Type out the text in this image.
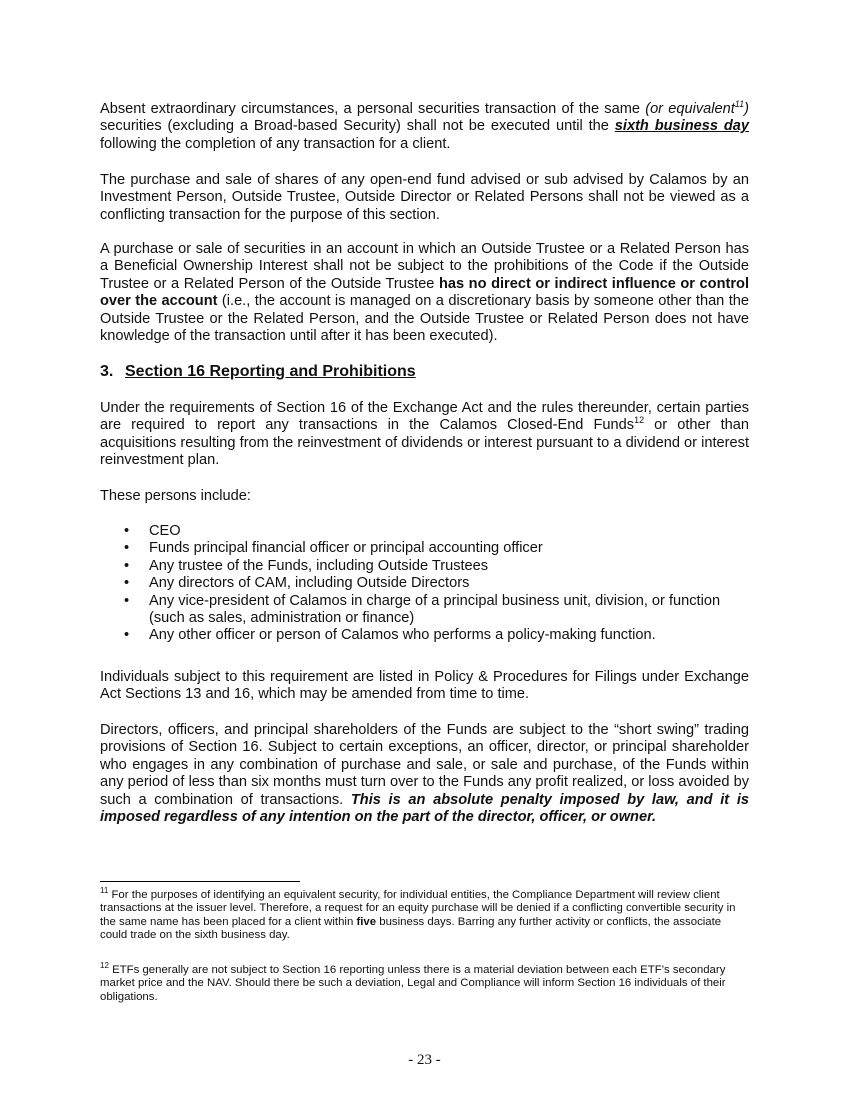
Absent extraordinary circumstances, a personal securities transaction of the same (or equivalent$^{11}$) securities (excluding a Broad-based Security) shall not be executed until the sixth business day following the completion of any transaction for a client.

The purchase and sale of shares of any open-end fund advised or sub advised by Calamos by an Investment Person, Outside Trustee, Outside Director or Related Persons shall not be viewed as a conflicting transaction for the purpose of this section.

A purchase or sale of securities in an account in which an Outside Trustee or a Related Person has a Beneficial Ownership Interest shall not be subject to the prohibitions of the Code if the Outside Trustee or a Related Person of the Outside Trustee has no direct or indirect influence or control over the account (i.e., the account is managed on a discretionary basis by someone other than the Outside Trustee or the Related Person, and the Outside Trustee or Related Person does not have knowledge of the transaction until after it has been executed).

3. Section 16 Reporting and Prohibitions

Under the requirements of Section 16 of the Exchange Act and the rules thereunder, certain parties are required to report any transactions in the Calamos Closed-End Funds$^{12}$ or other than acquisitions resulting from the reinvestment of dividends or interest pursuant to a dividend or interest reinvestment plan.

These persons include:

• CEO
• Funds principal financial officer or principal accounting officer
• Any trustee of the Funds, including Outside Trustees
• Any directors of CAM, including Outside Directors
• Any vice-president of Calamos in charge of a principal business unit, division, or function (such as sales, administration or finance)
• Any other officer or person of Calamos who performs a policy-making function.

Individuals subject to this requirement are listed in Policy & Procedures for Filings under Exchange Act Sections 13 and 16, which may be amended from time to time.

Directors, officers, and principal shareholders of the Funds are subject to the “short swing” trading provisions of Section 16. Subject to certain exceptions, an officer, director, or principal shareholder who engages in any combination of purchase and sale, or sale and purchase, of the Funds within any period of less than six months must turn over to the Funds any profit realized, or loss avoided by such a combination of transactions. This is an absolute penalty imposed by law, and it is imposed regardless of any intention on the part of the director, officer, or owner.

$^{11}$ For the purposes of identifying an equivalent security, for individual entities, the Compliance Department will review client transactions at the issuer level. Therefore, a request for an equity purchase will be denied if a conflicting convertible security in the same name has been placed for a client within five business days. Barring any further activity or conflicts, the associate could trade on the sixth business day.

$^{12}$ ETFs generally are not subject to Section 16 reporting unless there is a material deviation between each ETF’s secondary market price and the NAV. Should there be such a deviation, Legal and Compliance will inform Section 16 individuals of their obligations.

- 23 -
